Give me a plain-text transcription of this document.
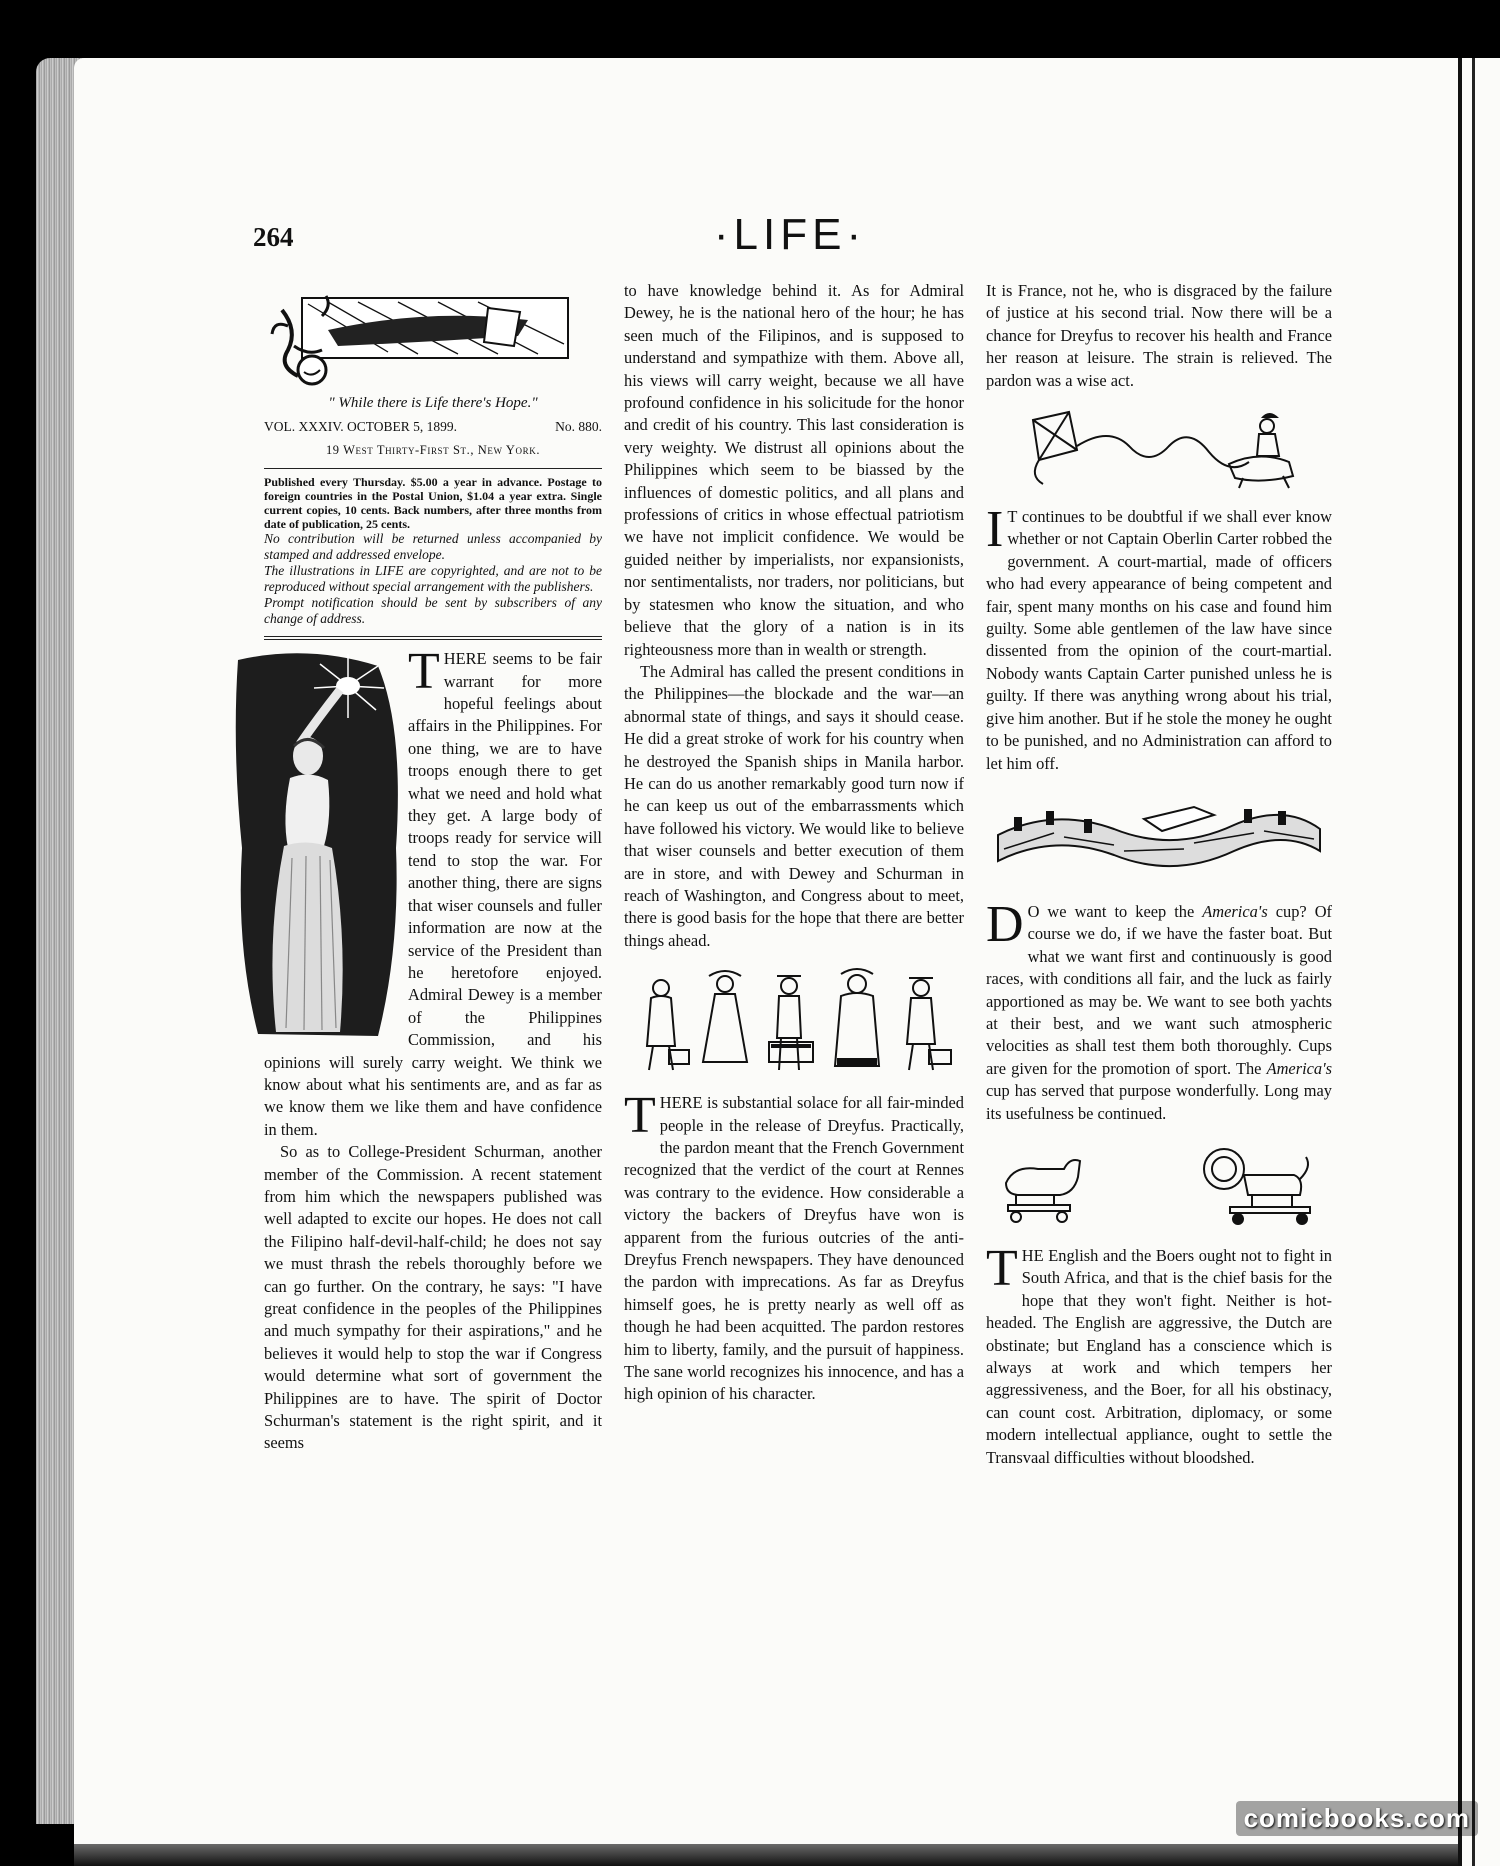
264	·LIFE·
" While there is Life there's Hope."
VOL. XXXIV. OCTOBER 5, 1899.	No. 880.
19 West Thirty-First St., New York.

Published every Thursday. $5.00 a year in advance. Postage to foreign countries in the Postal Union, $1.04 a year extra. Single current copies, 10 cents. Back numbers, after three months from date of publication, 25 cents.

No contribution will be returned unless accompanied by stamped and addressed envelope.

The illustrations in LIFE are copyrighted, and are not to be reproduced without special arrangement with the publishers.

Prompt notification should be sent by subscribers of any change of address.

THERE seems to be fair warrant for more hopeful feelings about affairs in the Philippines. For one thing, we are to have troops enough there to get what we need and hold what they get. A large body of troops ready for service will tend to stop the war. For another thing, there are signs that wiser counsels and fuller information are now at the service of the President than he heretofore enjoyed. Admiral Dewey is a member of the Philippines Commission, and his opinions will surely carry weight. We think we know about what his sentiments are, and as far as we know them we like them and have confidence in them.

So as to College-President Schurman, another member of the Commission. A recent statement from him which the newspapers published was well adapted to excite our hopes. He does not call the Filipino half-devil-half-child; he does not say we must thrash the rebels thoroughly before we can go further. On the contrary, he says: "I have great confidence in the peoples of the Philippines and much sympathy for their aspirations," and he believes it would help to stop the war if Congress would determine what sort of government the Philippines are to have. The spirit of Doctor Schurman's statement is the right spirit, and it seems

to have knowledge behind it. As for Admiral Dewey, he is the national hero of the hour; he has seen much of the Filipinos, and is supposed to understand and sympathize with them. Above all, his views will carry weight, because we all have profound confidence in his solicitude for the honor and credit of his country. This last consideration is very weighty. We distrust all opinions about the Philippines which seem to be biassed by the influences of domestic politics, and all plans and professions of critics in whose effectual patriotism we have not implicit confidence. We would be guided neither by imperialists, nor expansionists, nor sentimentalists, nor traders, nor politicians, but by statesmen who know the situation, and who believe that the glory of a nation is in its righteousness more than in wealth or strength.

The Admiral has called the present conditions in the Philippines—the blockade and the war—an abnormal state of things, and says it should cease. He did a great stroke of work for his country when he destroyed the Spanish ships in Manila harbor. He can do us another remarkably good turn now if he can keep us out of the embarrassments which have followed his victory. We would like to believe that wiser counsels and better execution of them are in store, and with Dewey and Schurman in reach of Washington, and Congress about to meet, there is good basis for the hope that there are better things ahead.

THERE is substantial solace for all fair-minded people in the release of Dreyfus. Practically, the pardon meant that the French Government recognized that the verdict of the court at Rennes was contrary to the evidence. How considerable a victory the backers of Dreyfus have won is apparent from the furious outcries of the anti-Dreyfus French newspapers. They have denounced the pardon with imprecations. As far as Dreyfus himself goes, he is pretty nearly as well off as though he had been acquitted. The pardon restores him to liberty, family, and the pursuit of happiness. The sane world recognizes his innocence, and has a high opinion of his character.

It is France, not he, who is disgraced by the failure of justice at his second trial. Now there will be a chance for Dreyfus to recover his health and France her reason at leisure. The strain is relieved. The pardon was a wise act.

I T continues to be doubtful if we shall ever know whether or not Captain Oberlin Carter robbed the government. A court-martial, made of officers who had every appearance of being competent and fair, spent many months on his case and found him guilty. Some able gentlemen of the law have since dissented from the opinion of the court-martial. Nobody wants Captain Carter punished unless he is guilty. If there was anything wrong about his trial, give him another. But if he stole the money he ought to be punished, and no Administration can afford to let him off.

D O we want to keep the America's cup? Of course we do, if we have the faster boat. But what we want first and continuously is good races, with conditions all fair, and the luck as fairly apportioned as may be. We want to see both yachts at their best, and we want such atmospheric velocities as shall test them both thoroughly. Cups are given for the promotion of sport. The America's cup has served that purpose wonderfully. Long may its usefulness be continued.

THE English and the Boers ought not to fight in South Africa, and that is the chief basis for the hope that they won't fight. Neither is hot-headed. The English are aggressive, the Dutch are obstinate; but England has a conscience which is always at work and which tempers her aggressiveness, and the Boer, for all his obstinacy, can count cost. Arbitration, diplomacy, or some modern intellectual appliance, ought to settle the Transvaal difficulties without bloodshed.

comicbooks.com
